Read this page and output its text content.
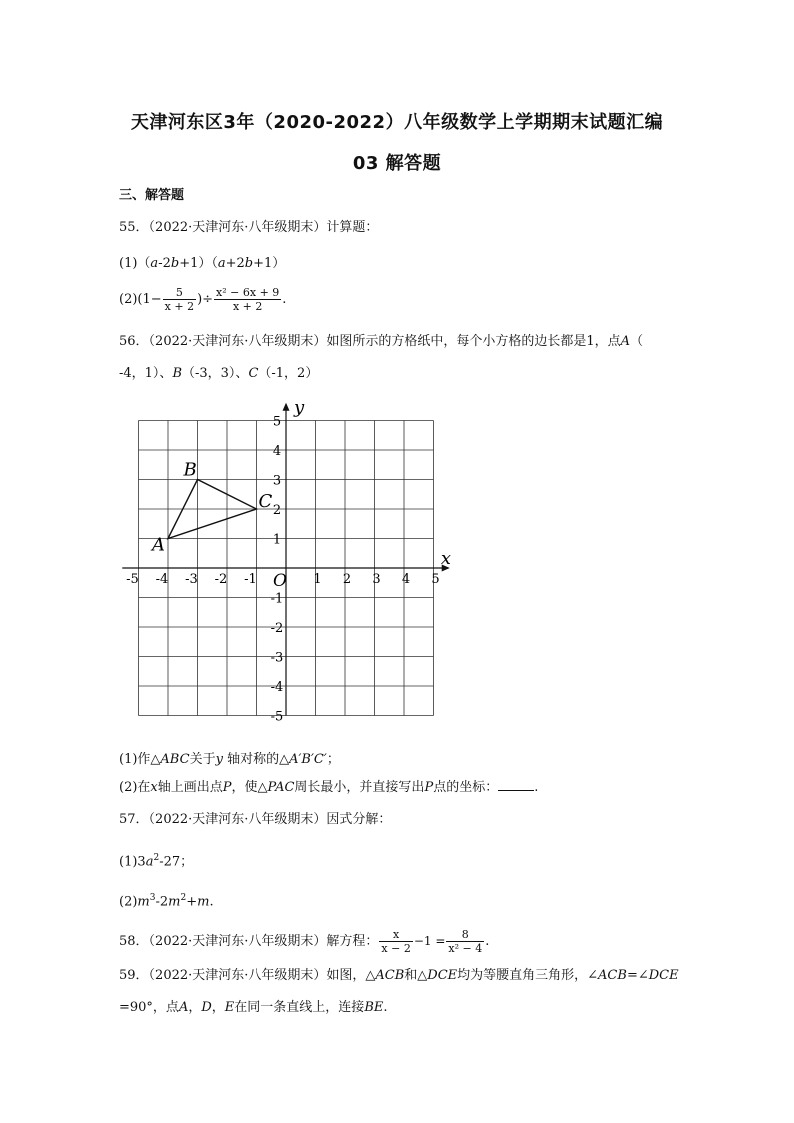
天津河东区3年（2020-2022）八年级数学上学期期末试题汇编
03 解答题
三、解答题
55．（2022·天津河东·八年级期末）计算题：
(1)（a-2b+1）（a+2b+1）
$(2)(1- \frac{5}{x + 2}$ )÷ $\frac{\text{x² − 6x + 9}}{x + 2}$ .
56．（2022·天津河东·八年级期末）如图所示的方格纸中，每个小方格的边长都是1，点A（
-4，1）、B（-3，3）、C（-1，2）
x
y
O
-5 -4 -3 -2 -1	1 2 3 4 5
5
4
3
2
1
-1
-2
-3
-4
-5
A
B
C
(1)作△ABC关于y 轴对称的△A′B′C′；
(2)在x轴上画出点P，使△PAC周长最小，并直接写出P点的坐标：	.
57．（2022·天津河东·八年级期末）因式分解：
$(1)3a^2-27$；
$(2)m^3-2m^2+m$.
58．（2022·天津河东·八年级期末）解方程： $\frac{x}{x - 2} -1 = \frac{8}{\text{x² − 4}}$ .
59．（2022·天津河东·八年级期末）如图，△ACB和△DCE均为等腰直角三角形，∠ACB=∠DCE
=90°，点A，D，E在同一条直线上，连接BE.
